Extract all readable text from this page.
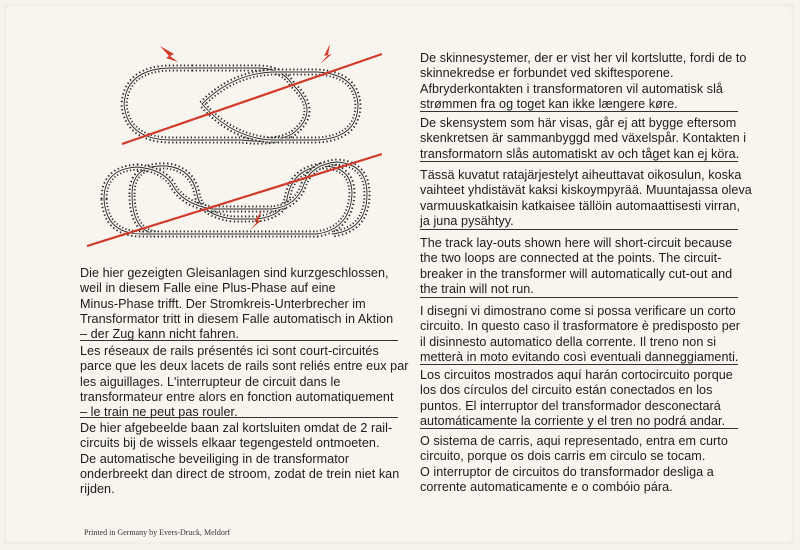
Die hier gezeigten Gleisanlagen sind kurzgeschlossen,
weil in diesem Falle eine Plus-Phase auf eine
Minus-Phase trifft. Der Stromkreis-Unterbrecher im
Transformator tritt in diesem Falle automatisch in Aktion
– der Zug kann nicht fahren.
Les réseaux de rails présentés ici sont court-circuités
parce que les deux lacets de rails sont reliés entre eux par
les aiguillages. L'interrupteur de circuit dans le
transformateur entre alors en fonction automatiquement
– le train ne peut pas rouler.
De hier afgebeelde baan zal kortsluiten omdat de 2 rail-
circuits bij de wissels elkaar tegengesteld ontmoeten.
De automatische beveiliging in de transformator
onderbreekt dan direct de stroom, zodat de trein niet kan
rijden.
De skinnesystemer, der er vist her vil kortslutte, fordi de to
skinnekredse er forbundet ved skiftesporene.
Afbryderkontakten i transformatoren vil automatisk slå
strømmen fra og toget kan ikke længere køre.
De skensystem som här visas, går ej att bygge eftersom
skenkretsen är sammanbyggd med växelspår. Kontakten i
transformatorn slås automatiskt av och tåget kan ej köra.
Tässä kuvatut ratajärjestelyt aiheuttavat oikosulun, koska
vaihteet yhdistävät kaksi kiskoympyrää. Muuntajassa oleva
varmuuskatkaisin katkaisee tällöin automaattisesti virran,
ja juna pysähtyy.
The track lay-outs shown here will short-circuit because
the two loops are connected at the points. The circuit-
breaker in the transformer will automatically cut-out and
the train will not run.
I disegni vi dimostrano come si possa verificare un corto
circuito. In questo caso il trasformatore è predisposto per
il disinnesto automatico della corrente. Il treno non si
metterà in moto evitando così eventuali danneggiamenti.
Los circuitos mostrados aquí harán cortocircuito porque
los dos círculos del circuito están conectados en los
puntos. El interruptor del transformador desconectará
automáticamente la corriente y el tren no podrá andar.
O sistema de carris, aqui representado, entra em curto
circuito, porque os dois carris em circulo se tocam.
O interruptor de circuitos do transformador desliga a
corrente automaticamente e o combóio pára.
Printed in Germany by Evers-Druck, Meldorf
